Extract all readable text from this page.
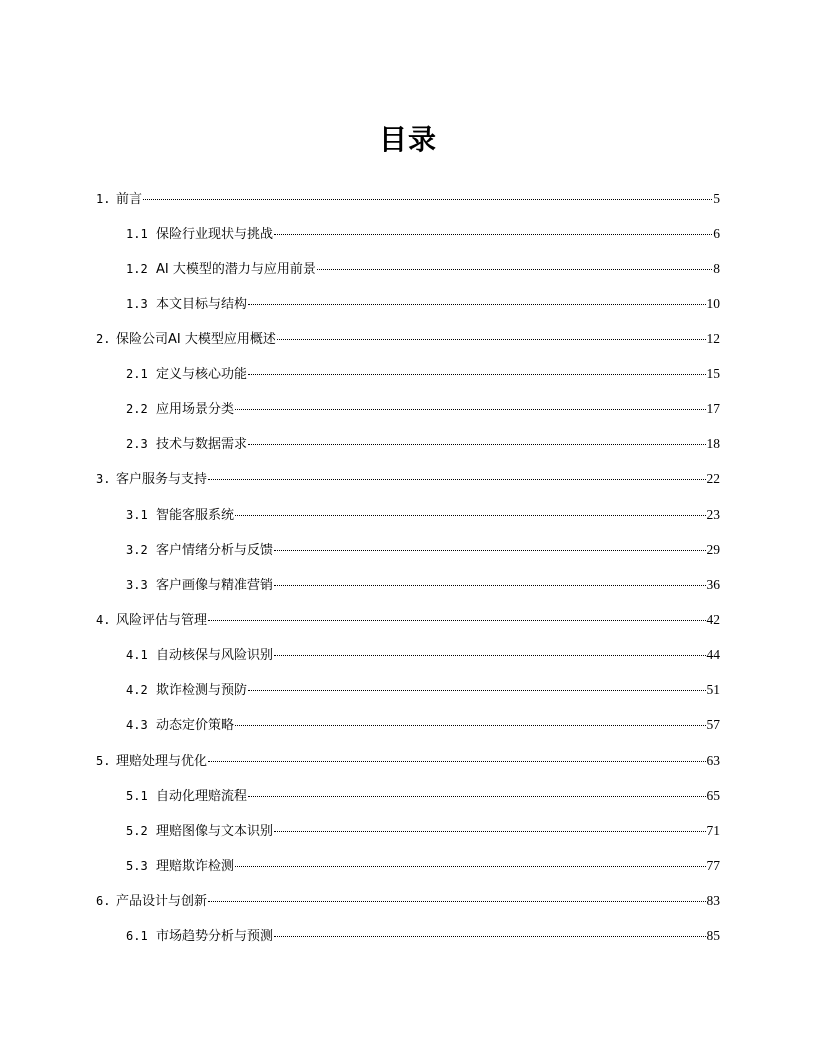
目录
1. 前言	5
1.1 保险行业现状与挑战	6
1.2 AI 大模型的潜力与应用前景	8
1.3 本文目标与结构	10
2. 保险公司AI 大模型应用概述	12
2.1 定义与核心功能	15
2.2 应用场景分类	17
2.3 技术与数据需求	18
3. 客户服务与支持	22
3.1 智能客服系统	23
3.2 客户情绪分析与反馈	29
3.3 客户画像与精准营销	36
4. 风险评估与管理	42
4.1 自动核保与风险识别	44
4.2 欺诈检测与预防	51
4.3 动态定价策略	57
5. 理赔处理与优化	63
5.1 自动化理赔流程	65
5.2 理赔图像与文本识别	71
5.3 理赔欺诈检测	77
6. 产品设计与创新	83
6.1 市场趋势分析与预测	85
